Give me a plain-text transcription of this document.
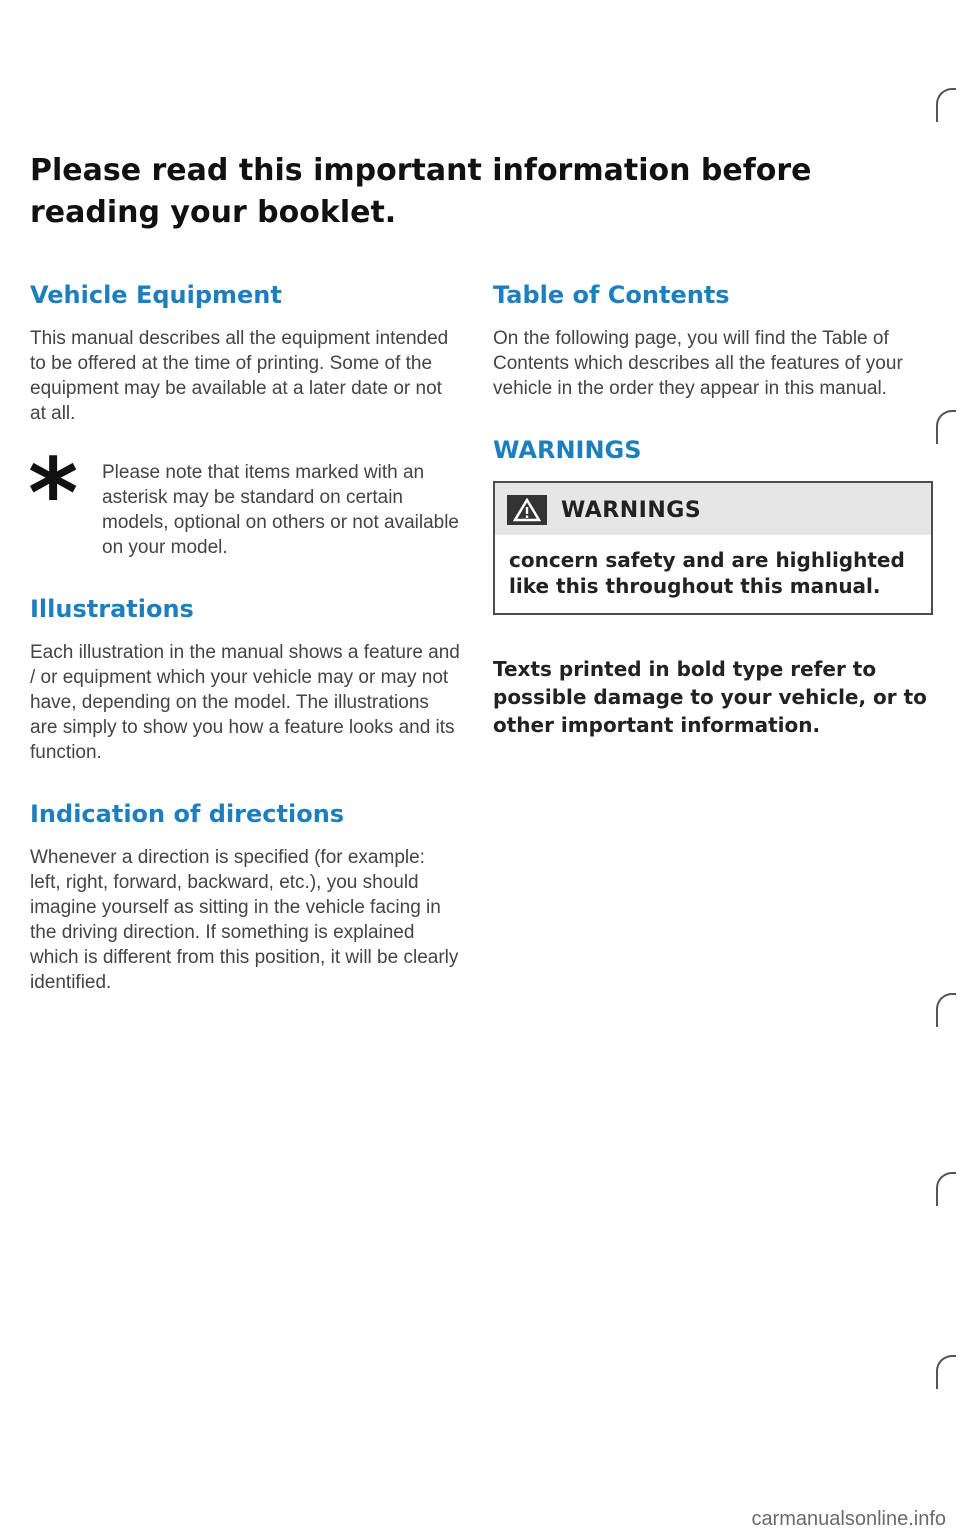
Please read this important information before reading your booklet.
Vehicle Equipment

This manual describes all the equipment intended to be offered at the time of printing. Some of the equipment may be available at a later date or not at all.

* Please note that items marked with an asterisk may be standard on certain models, optional on others or not available on your model.

Illustrations

Each illustration in the manual shows a feature and / or equipment which your vehicle may or may not have, depending on the model. The illustrations are simply to show you how a feature looks and its function.

Indication of directions

Whenever a direction is specified (for example: left, right, forward, backward, etc.), you should imagine yourself as sitting in the vehicle facing in the driving direction. If something is explained which is different from this position, it will be clearly identified.

Table of Contents

On the following page, you will find the Table of Contents which describes all the features of your vehicle in the order they appear in this manual.

WARNINGS
WARNINGS
concern safety and are highlighted like this throughout this manual.
Texts printed in bold type refer to possible damage to your vehicle, or to other important information.
carmanualsonline.info
